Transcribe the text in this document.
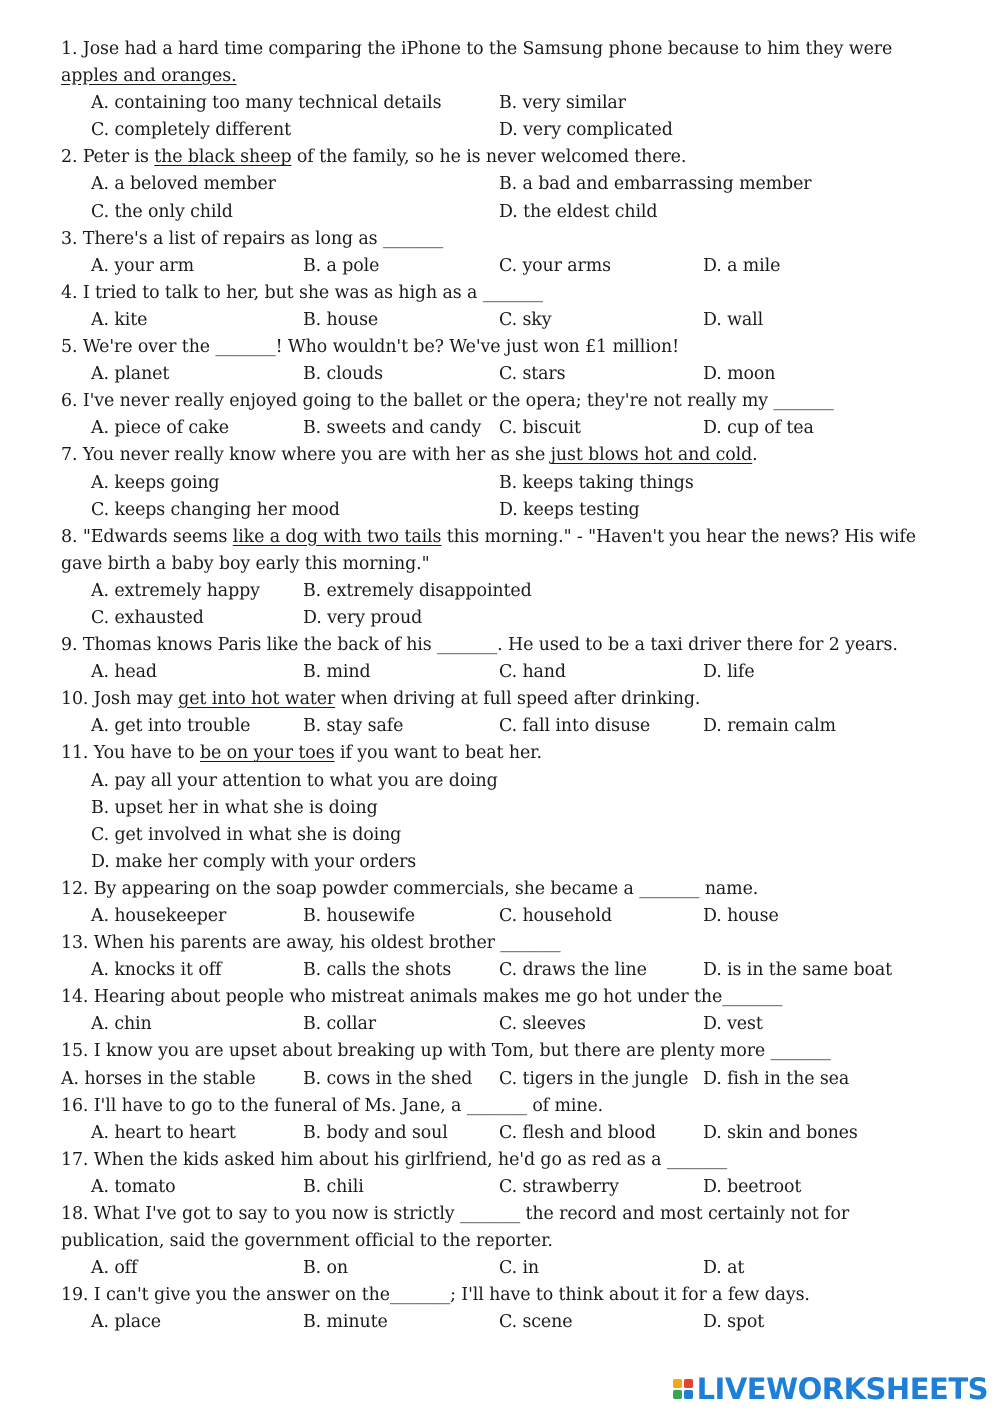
1. Jose had a hard time comparing the iPhone to the Samsung phone because to him they were apples and oranges.
A. containing too many technical details	B. very similar
C. completely different	D. very complicated
2. Peter is the black sheep of the family, so he is never welcomed there.
A. a beloved member	B. a bad and embarrassing member
C. the only child	D. the eldest child
3. There's a list of repairs as long as _______
A. your arm	B. a pole	C. your arms	D. a mile
4. I tried to talk to her, but she was as high as a _______
A. kite	B. house	C. sky	D. wall
5. We're over the _______! Who wouldn't be? We've just won £1 million!
A. planet	B. clouds	C. stars	D. moon
6. I've never really enjoyed going to the ballet or the opera; they're not really my _______
A. piece of cake	B. sweets and candy C. biscuit	D. cup of tea
7. You never really know where you are with her as she just blows hot and cold.
A. keeps going	B. keeps taking things
C. keeps changing her mood	D. keeps testing
8. "Edwards seems like a dog with two tails this morning." - "Haven't you hear the news? His wife gave birth a baby boy early this morning."
A. extremely happy B. extremely disappointed
C. exhausted	D. very proud
9. Thomas knows Paris like the back of his _______. He used to be a taxi driver there for 2 years.
A. head	B. mind	C. hand	D. life
10. Josh may get into hot water when driving at full speed after drinking.
A. get into trouble	B. stay safe	C. fall into disuse	D. remain calm
11. You have to be on your toes if you want to beat her.
A. pay all your attention to what you are doing
B. upset her in what she is doing
C. get involved in what she is doing
D. make her comply with your orders
12. By appearing on the soap powder commercials, she became a _______ name.
A. housekeeper	B. housewife	C. household	D. house
13. When his parents are away, his oldest brother _______
A. knocks it off	B. calls the shots	C. draws the line	D. is in the same boat
14. Hearing about people who mistreat animals makes me go hot under the_______
A. chin	B. collar	C. sleeves	D. vest
15. I know you are upset about breaking up with Tom, but there are plenty more _______
A. horses in the stable	B. cows in the shed C. tigers in the jungle D. fish in the sea
16. I'll have to go to the funeral of Ms. Jane, a _______ of mine.
A. heart to heart	B. body and soul	C. flesh and blood	D. skin and bones
17. When the kids asked him about his girlfriend, he'd go as red as a _______
A. tomato	B. chili	C. strawberry	D. beetroot
18. What I've got to say to you now is strictly _______ the record and most certainly not for publication, said the government official to the reporter.
A. off	B. on	C. in	D. at
19. I can't give you the answer on the_______; I'll have to think about it for a few days.
A. place	B. minute	C. scene	D. spot
LIVEWORKSHEETS
